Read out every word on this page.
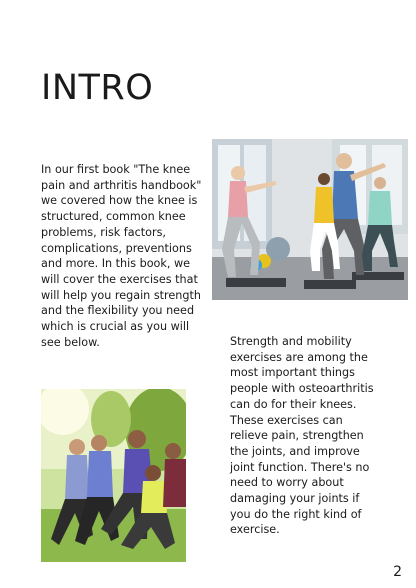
INTRO

In our first book "The knee pain and arthritis handbook" we covered how the knee is structured, common knee problems, risk factors, complications, preventions and more. In this book, we will cover the exercises that will help you regain strength and the flexibility you need which is crucial as you will see below.	Strength and mobility exercises are among the most important things people with osteoarthritis can do for their knees. These exercises can relieve pain, strengthen the joints, and improve joint function. There's no need to worry about damaging your joints if you do the right kind of exercise.

2
